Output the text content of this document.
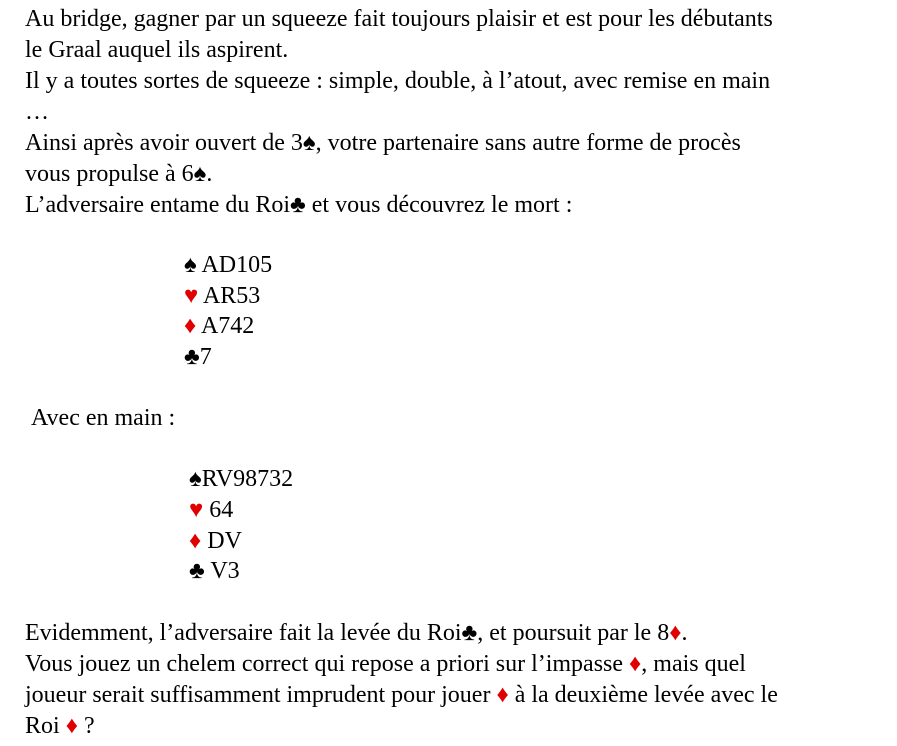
Au bridge, gagner par un squeeze fait toujours plaisir et est pour les débutants
le Graal auquel ils aspirent.
Il y a toutes sortes de squeeze : simple, double, à l’atout, avec remise en main
…
Ainsi après avoir ouvert de 3♠, votre partenaire sans autre forme de procès
vous propulse à 6♠.
L’adversaire entame du Roi♣ et vous découvrez le mort :
♠ AD105
♥ AR53
♦ A742
♣7
Avec en main :
♠RV98732
♥ 64
♦ DV
♣ V3
Evidemment, l’adversaire fait la levée du Roi♣, et poursuit par le 8♦.
Vous jouez un chelem correct qui repose a priori sur l’impasse ♦, mais quel
joueur serait suffisamment imprudent pour jouer ♦ à la deuxième levée avec le
Roi ♦ ?
